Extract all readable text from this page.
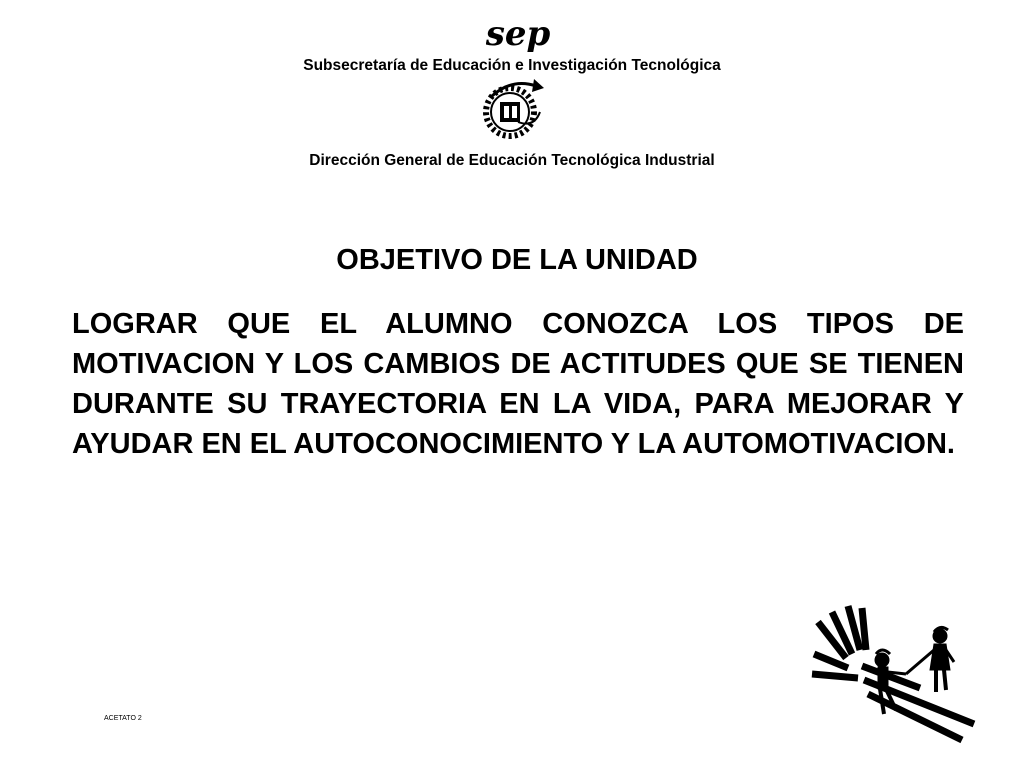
sep
Subsecretaría de Educación e Investigación Tecnológica
Dirección General de Educación Tecnológica Industrial
OBJETIVO DE LA UNIDAD

LOGRAR QUE EL ALUMNO CONOZCA LOS TIPOS DE MOTIVACION Y LOS CAMBIOS DE ACTITUDES QUE SE TIENEN DURANTE SU TRAYECTORIA EN LA VIDA, PARA MEJORAR Y AYUDAR EN EL AUTOCONOCIMIENTO Y LA AUTOMOTIVACION.

ACETATO 2
